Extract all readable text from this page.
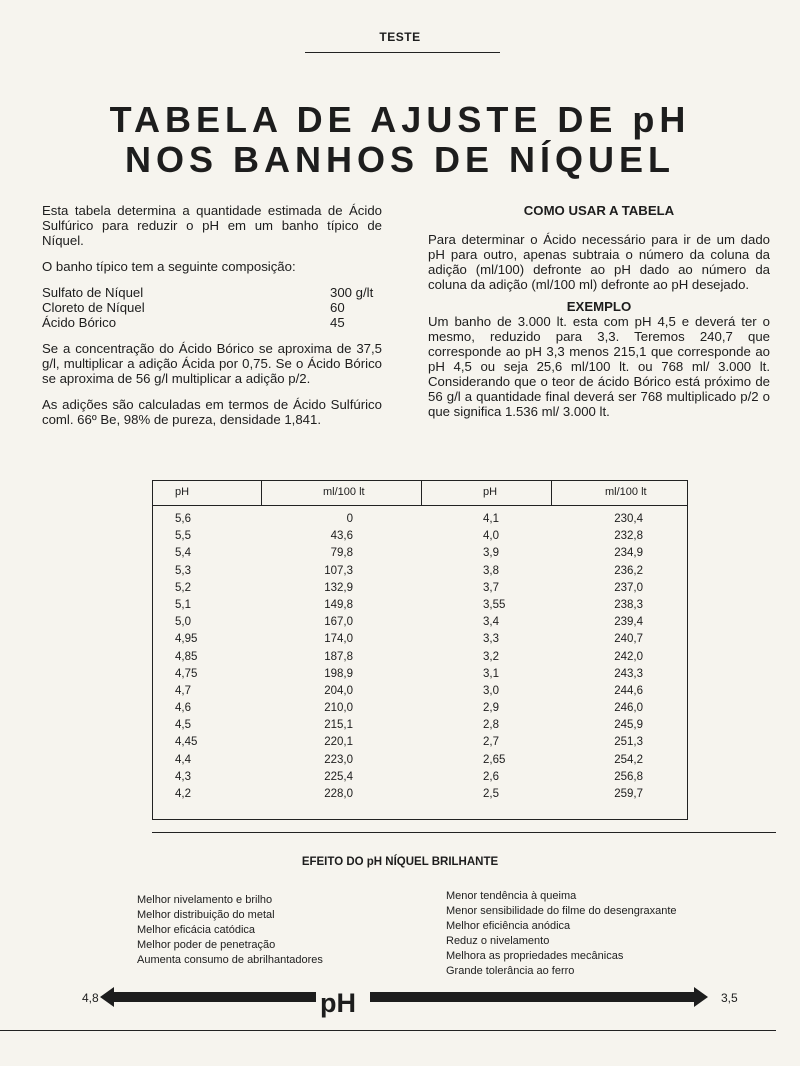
TESTE
TABELA DE AJUSTE DE pH
NOS BANHOS DE NÍQUEL

Esta tabela determina a quantidade estimada de Ácido Sulfúrico para reduzir o pH em um banho típico de Níquel.

O banho típico tem a seguinte composição:

Sulfato de Níquel	300 g/lt
Cloreto de Níquel	60
Ácido Bórico	45

Se a concentração do Ácido Bórico se aproxima de 37,5 g/l, multiplicar a adição Ácida por 0,75. Se o Ácido Bórico se aproxima de 56 g/l multiplicar a adição p/2.

As adições são calculadas em termos de Ácido Sulfúrico coml. 66º Be, 98% de pureza, densidade 1,841.

COMO USAR A TABELA

Para determinar o Ácido necessário para ir de um dado pH para outro, apenas subtraia o número da coluna da adição (ml/100) defronte ao pH dado ao número da coluna da adição (ml/100 ml) defronte ao pH desejado.

EXEMPLO

Um banho de 3.000 lt. esta com pH 4,5 e deverá ter o mesmo, reduzido para 3,3. Teremos 240,7 que corresponde ao pH 3,3 menos 215,1 que corresponde ao pH 4,5 ou seja 25,6 ml/100 lt. ou 768 ml/ 3.000 lt. Considerando que o teor de ácido Bórico está próximo de 56 g/l a quantidade final deverá ser 768 multiplicado p/2 o que significa 1.536 ml/ 3.000 lt.

pH	ml/100 lt	pH	ml/100 lt
5,6	0	4,1	230,4
5,5	43,6	4,0	232,8
5,4	79,8	3,9	234,9
5,3	107,3	3,8	236,2
5,2	132,9	3,7	237,0
5,1	149,8	3,55	238,3
5,0	167,0	3,4	239,4
4,95	174,0	3,3	240,7
4,85	187,8	3,2	242,0
4,75	198,9	3,1	243,3
4,7	204,0	3,0	244,6
4,6	210,0	2,9	246,0
4,5	215,1	2,8	245,9
4,45	220,1	2,7	251,3
4,4	223,0	2,65	254,2
4,3	225,4	2,6	256,8
4,2	228,0	2,5	259,7
EFEITO DO pH NÍQUEL BRILHANTE
Melhor nivelamento e brilho
Melhor distribuição do metal
Melhor eficácia catódica
Melhor poder de penetração
Aumenta consumo de abrilhantadores
Menor tendência à queima
Menor sensibilidade do filme do desengraxante
Melhor eficiência anódica
Reduz o nivelamento
Melhora as propriedades mecânicas
Grande tolerância ao ferro
4,8	pH	3,5
